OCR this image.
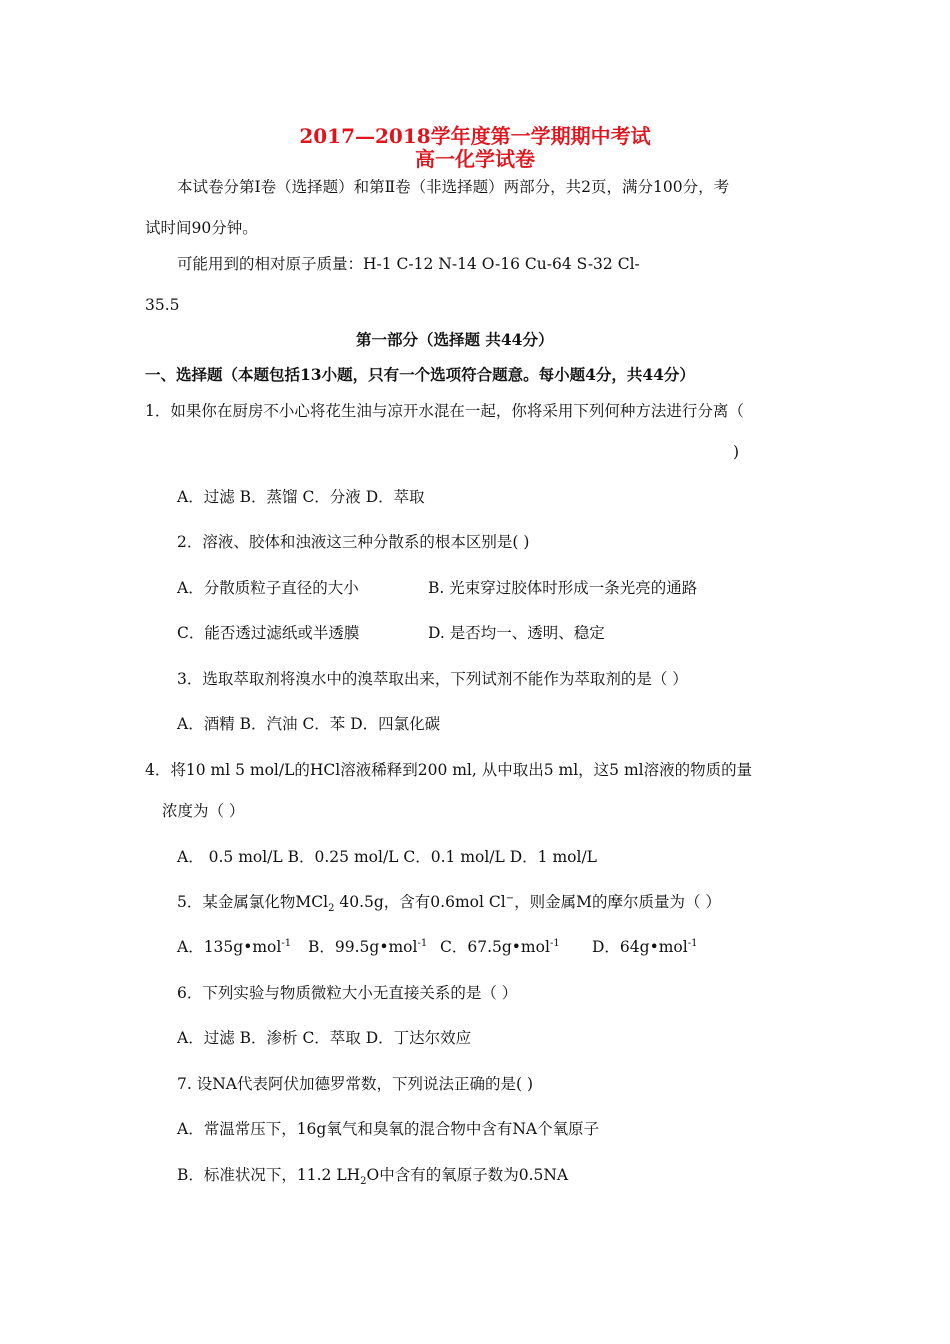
2017—2018学年度第一学期期中考试
高一化学试卷
本试卷分第Ⅰ卷（选择题）和第Ⅱ卷（非选择题）两部分，共2页，满分100分，考
试时间90分钟。
可能用到的相对原子质量：H-1 C-12 N-14 O-16 Cu-64 S-32 Cl-
35.5
第一部分（选择题 共44分）
一、选择题（本题包括13小题，只有一个选项符合题意。每小题4分，共44分）
1．如果你在厨房不小心将花生油与凉开水混在一起，你将采用下列何种方法进行分离（
)
A．过滤 B．蒸馏 C．分液 D．萃取
2．溶液、胶体和浊液这三种分散系的根本区别是( )
A．分散质粒子直径的大小	B. 光束穿过胶体时形成一条光亮的通路
C．能否透过滤纸或半透膜	D. 是否均一、透明、稳定
3．选取萃取剂将溴水中的溴萃取出来，下列试剂不能作为萃取剂的是（ ）
A．酒精 B．汽油 C．苯 D．四氯化碳
4．将10 ml 5 mol/L的HCl溶液稀释到200 ml, 从中取出5 ml，这5 ml溶液的物质的量
浓度为（ ）
A． 0.5 mol/L B．0.25 mol/L C．0.1 mol/L D．1 mol/L
5．某金属氯化物MCl$_2$ 40.5g，含有0.6mol Cl−，则金属M的摩尔质量为（ ）
A．135g•mol$^{-1}$ B．99.5g•mol$^{-1}$ C．67.5g•mol$^{-1}$ D．64g•mol$^{-1}$
6．下列实验与物质微粒大小无直接关系的是（ ）
A．过滤 B．渗析 C．萃取 D．丁达尔效应
7. 设NA代表阿伏加德罗常数，下列说法正确的是( )
A．常温常压下，16g氧气和臭氧的混合物中含有NA个氧原子
B．标准状况下，11.2 $LH_2O$中含有的氧原子数为0.5NA
